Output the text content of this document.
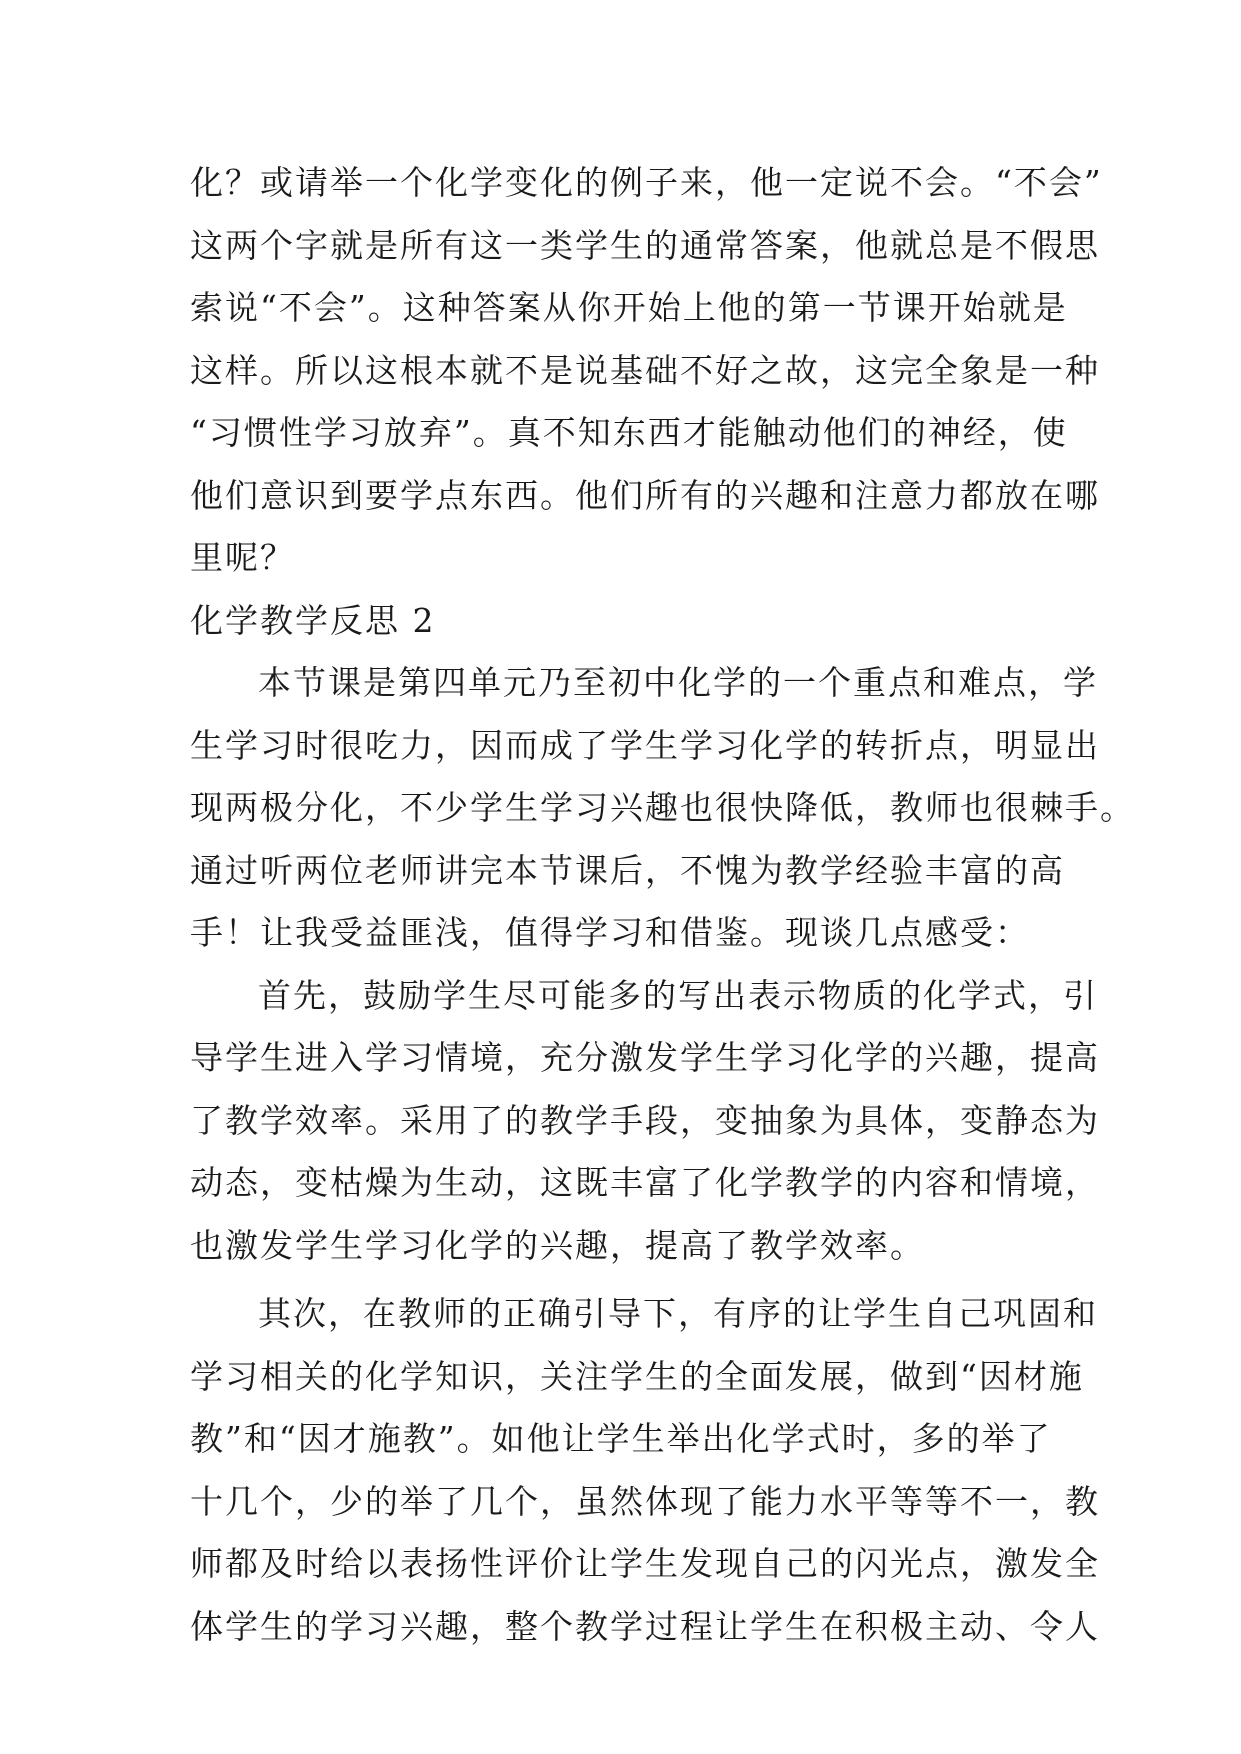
化？或请举一个化学变化的例子来，他一定说不会。“不会”
这两个字就是所有这一类学生的通常答案，他就总是不假思
索说“不会”。这种答案从你开始上他的第一节课开始就是
这样。所以这根本就不是说基础不好之故，这完全象是一种
“习惯性学习放弃”。真不知东西才能触动他们的神经，使
他们意识到要学点东西。他们所有的兴趣和注意力都放在哪
里呢？
化学教学反思 2
本节课是第四单元乃至初中化学的一个重点和难点，学
生学习时很吃力，因而成了学生学习化学的转折点，明显出
现两极分化，不少学生学习兴趣也很快降低，教师也很棘手。
通过听两位老师讲完本节课后，不愧为教学经验丰富的高
手！让我受益匪浅，值得学习和借鉴。现谈几点感受：
首先，鼓励学生尽可能多的写出表示物质的化学式，引
导学生进入学习情境，充分激发学生学习化学的兴趣，提高
了教学效率。采用了的教学手段，变抽象为具体，变静态为
动态，变枯燥为生动，这既丰富了化学教学的内容和情境，
也激发学生学习化学的兴趣，提高了教学效率。
其次，在教师的正确引导下，有序的让学生自己巩固和
学习相关的化学知识，关注学生的全面发展，做到“因材施
教”和“因才施教”。如他让学生举出化学式时，多的举了
十几个，少的举了几个，虽然体现了能力水平等等不一，教
师都及时给以表扬性评价让学生发现自己的闪光点，激发全
体学生的学习兴趣，整个教学过程让学生在积极主动、令人
